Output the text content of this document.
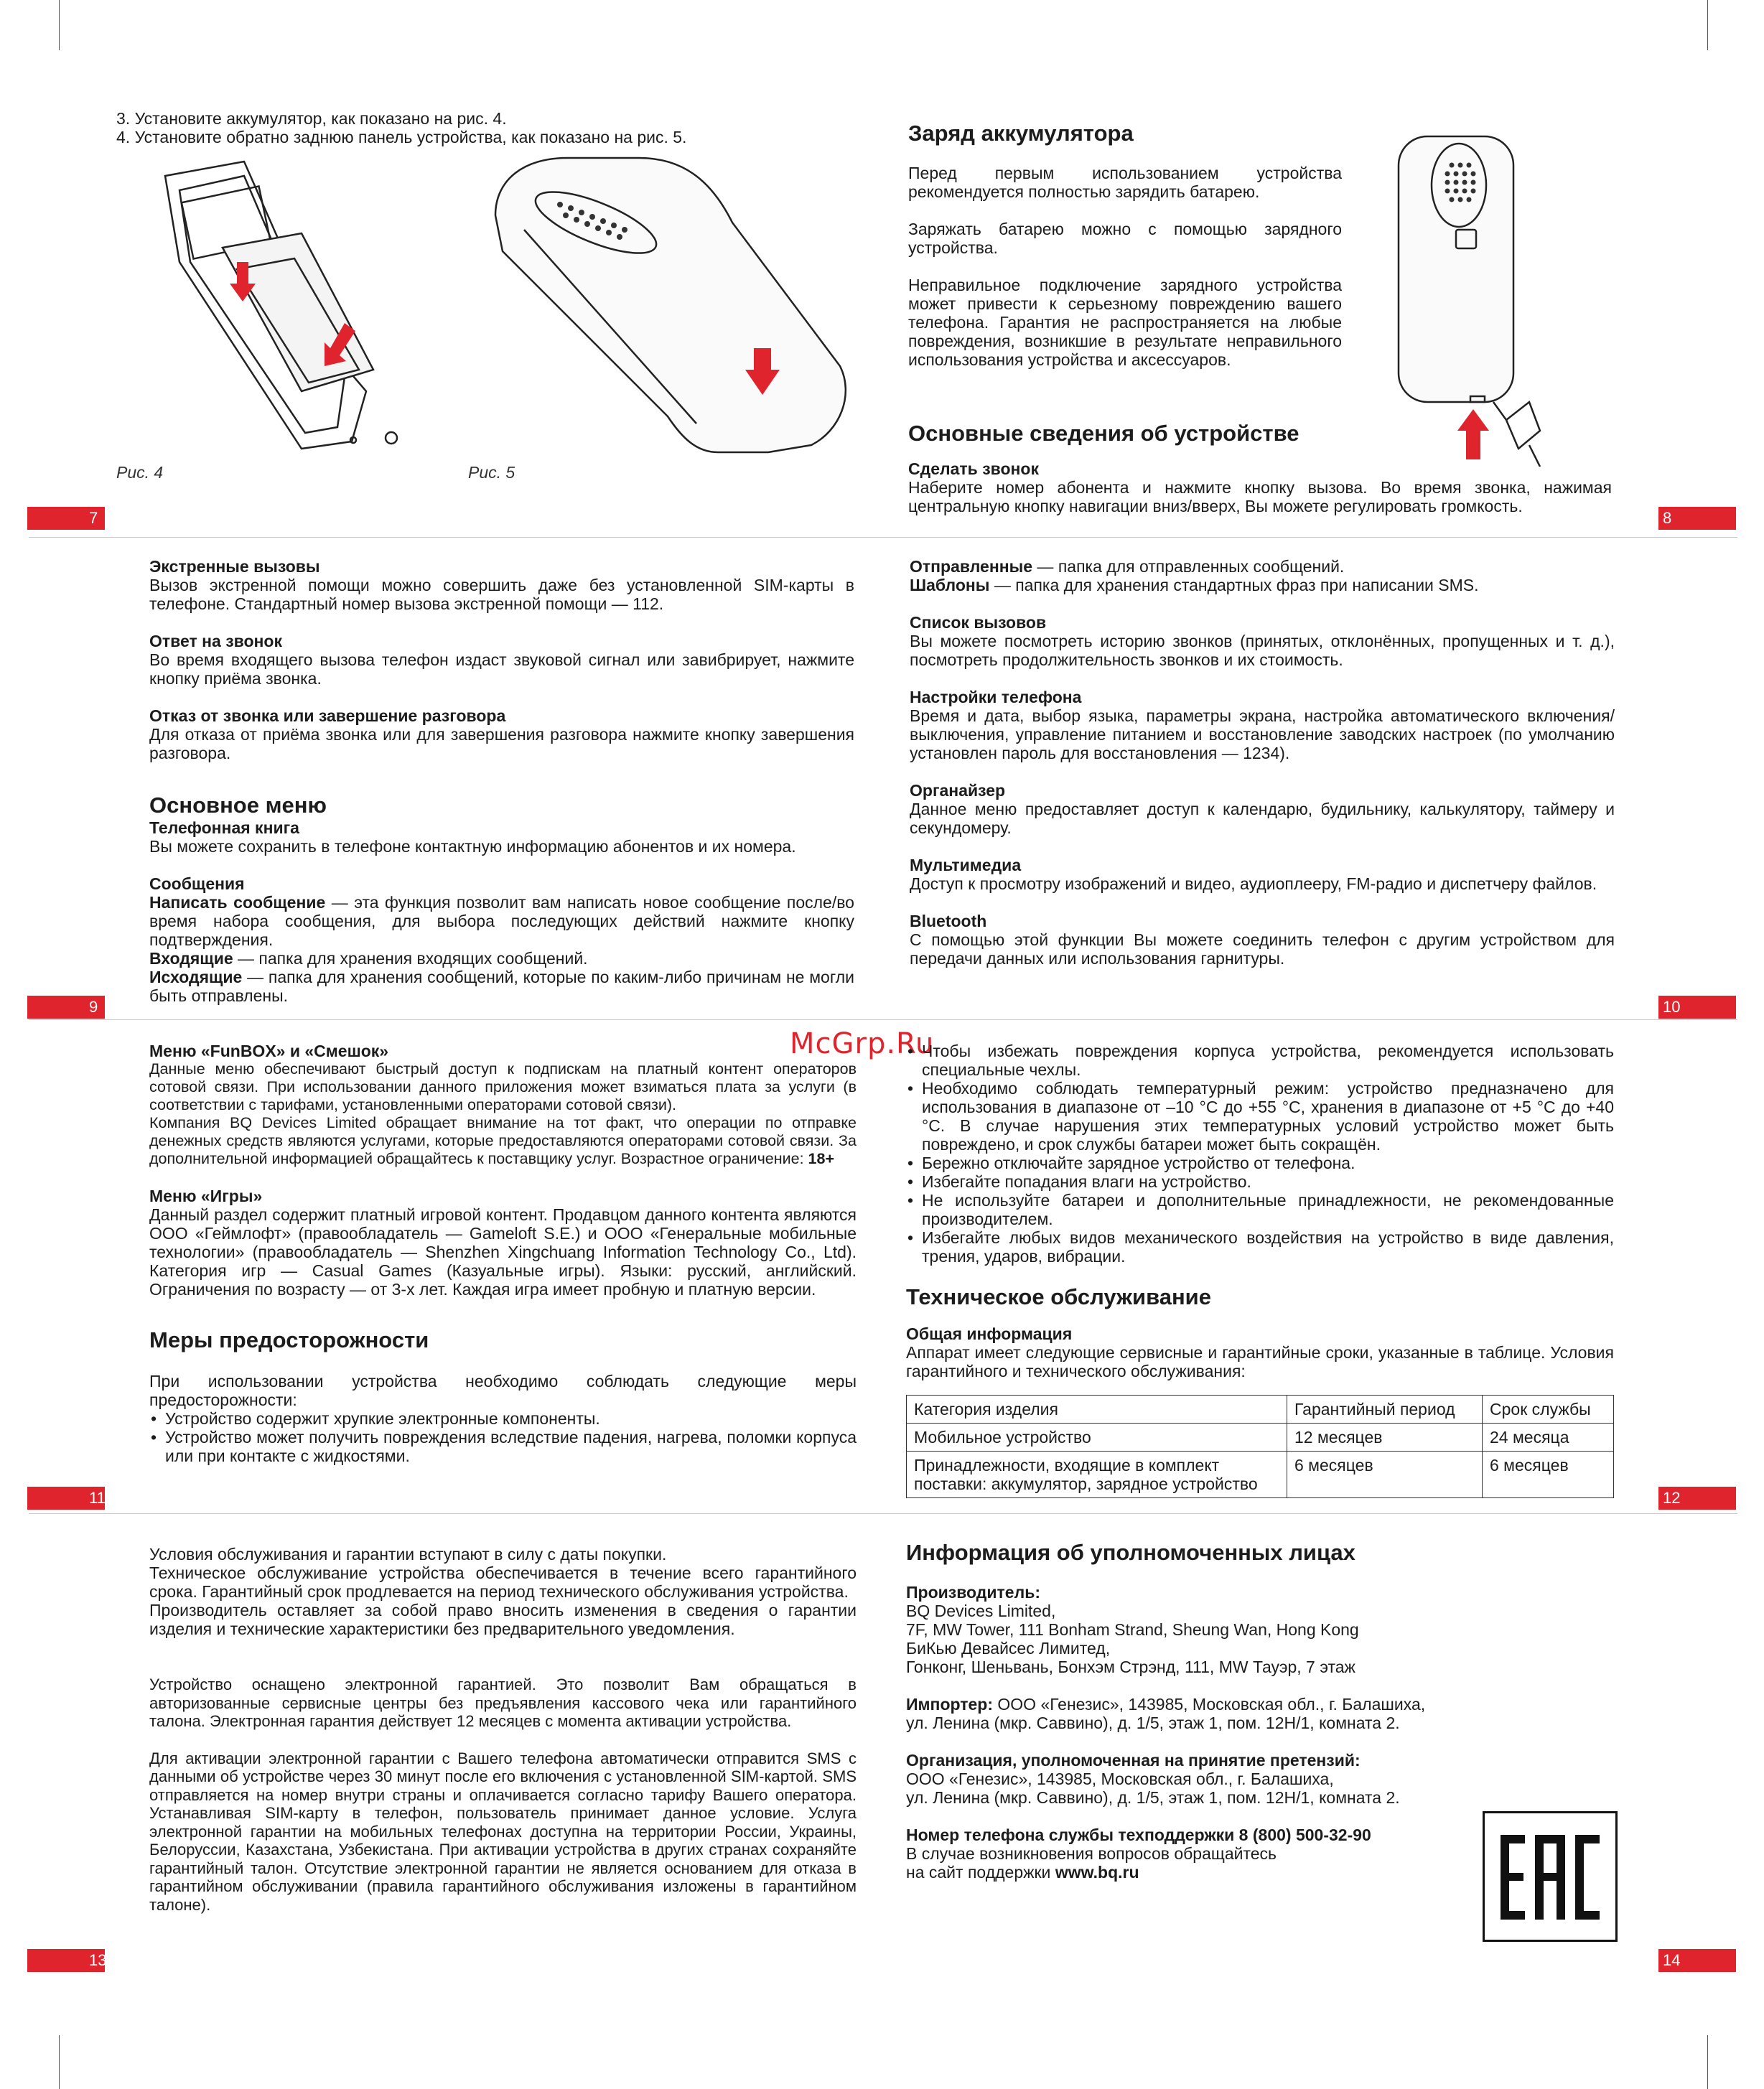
3. Установите аккумулятор, как показано на рис. 4.

4. Установите обратно заднюю панель устройства, как показано на рис. 5.

Рис. 4	Рис. 5
7

Заряд аккумулятора

Перед первым использованием устройства рекомендуется полностью зарядить батарею.

Заряжать батарею можно с помощью зарядного устройства.

Неправильное подключение зарядного устройства может привести к серьезному повреждению вашего телефона. Гарантия не распространяется на любые повреждения, возникшие в результате неправильного использования устройства и аксессуаров.

Основные сведения об устройстве

Сделать звонок

Наберите номер абонента и нажмите кнопку вызова. Во время звонка, нажимая центральную кнопку навигации вниз/вверх, Вы можете регулировать громкость.

8

Экстренные вызовы

Вызов экстренной помощи можно совершить даже без установленной SIM-карты в телефоне. Стандартный номер вызова экстренной помощи — 112.

Ответ на звонок

Во время входящего вызова телефон издаст звуковой сигнал или завибрирует, нажмите кнопку приёма звонка.

Отказ от звонка или завершение разговора

Для отказа от приёма звонка или для завершения разговора нажмите кнопку завершения разговора.

Основное меню

Телефонная книга

Вы можете сохранить в телефоне контактную информацию абонентов и их номера.

Сообщения

Написать сообщение — эта функция позволит вам написать новое сообщение после/во время набора сообщения, для выбора последующих действий нажмите кнопку подтверждения.

Входящие — папка для хранения входящих сообщений.

Исходящие — папка для хранения сообщений, которые по каким-либо причинам не могли быть отправлены.

9

Отправленные — папка для отправленных сообщений.

Шаблоны — папка для хранения стандартных фраз при написании SMS.

Список вызовов

Вы можете посмотреть историю звонков (принятых, отклонённых, пропущенных и т. д.), посмотреть продолжительность звонков и их стоимость.

Настройки телефона

Время и дата, выбор языка, параметры экрана, настройка автоматического включения/выключения, управление питанием и восстановление заводских настроек (по умолчанию установлен пароль для восстановления — 1234).

Органайзер

Данное меню предоставляет доступ к календарю, будильнику, калькулятору, таймеру и секундомеру.

Мультимедиа

Доступ к просмотру изображений и видео, аудиоплееру, FM-радио и диспетчеру файлов.

Bluetooth

С помощью этой функции Вы можете соединить телефон с другим устройством для передачи данных или использования гарнитуры.

10

Меню «FunBOX» и «Смешок»

Данные меню обеспечивают быстрый доступ к подпискам на платный контент операторов сотовой связи. При использовании данного приложения может взиматься плата за услуги (в соответствии с тарифами, установленными операторами сотовой связи).

Компания BQ Devices Limited обращает внимание на тот факт, что операции по отправке денежных средств являются услугами, которые предоставляются операторами сотовой связи. За дополнительной информацией обращайтесь к поставщику услуг. Возрастное ограничение: 18+

Меню «Игры»

Данный раздел содержит платный игровой контент. Продавцом данного контента являются ООО «Геймлофт» (правообладатель — Gameloft S.E.) и ООО «Генеральные мобильные технологии» (правообладатель — Shenzhen Xingchuang Information Technology Co., Ltd). Категория игр — Casual Games (Казуальные игры). Языки: русский, английский. Ограничения по возрасту — от 3-х лет. Каждая игра имеет пробную и платную версии.

Меры предосторожности

При использовании устройства необходимо соблюдать следующие меры предосторожности:

• Устройство содержит хрупкие электронные компоненты.
• Устройство может получить повреждения вследствие падения, нагрева, поломки корпуса или при контакте с жидкостями.
11
McGrp.Ru
• Чтобы избежать повреждения корпуса устройства, рекомендуется использовать специальные чехлы.
• Необходимо соблюдать температурный режим: устройство предназначено для использования в диапазоне от –10 °С до +55 °С, хранения в диапазоне от +5 °С до +40 °С. В случае нарушения этих температурных условий устройство может быть повреждено, и срок службы батареи может быть сокращён.
• Бережно отключайте зарядное устройство от телефона.
• Избегайте попадания влаги на устройство.
• Не используйте батареи и дополнительные принадлежности, не рекомендованные производителем.
• Избегайте любых видов механического воздействия на устройство в виде давления, трения, ударов, вибрации.

Техническое обслуживание

Общая информация

Аппарат имеет следующие сервисные и гарантийные сроки, указанные в таблице. Условия гарантийного и технического обслуживания:

Категория изделия	Гарантийный период	Срок службы
Мобильное устройство	12 месяцев	24 месяца
Принадлежности, входящие в комплект поставки: аккумулятор, зарядное устройство	6 месяцев	6 месяцев
12

Условия обслуживания и гарантии вступают в силу с даты покупки.

Техническое обслуживание устройства обеспечивается в течение всего гарантийного срока. Гарантийный срок продлевается на период технического обслуживания устройства.

Производитель оставляет за собой право вносить изменения в сведения о гарантии изделия и технические характеристики без предварительного уведомления.

Устройство оснащено электронной гарантией. Это позволит Вам обращаться в авторизованные сервисные центры без предъявления кассового чека или гарантийного талона. Электронная гарантия действует 12 месяцев с момента активации устройства.

Для активации электронной гарантии с Вашего телефона автоматически отправится SMS с данными об устройстве через 30 минут после его включения с установленной SIM-картой. SMS отправляется на номер внутри страны и оплачивается согласно тарифу Вашего оператора. Устанавливая SIM-карту в телефон, пользователь принимает данное условие. Услуга электронной гарантии на мобильных телефонах доступна на территории России, Украины, Белоруссии, Казахстана, Узбекистана. При активации устройства в других странах сохраняйте гарантийный талон. Отсутствие электронной гарантии не является основанием для отказа в гарантийном обслуживании (правила гарантийного обслуживания изложены в гарантийном талоне).

13

Информация об уполномоченных лицах

Производитель:

BQ Devices Limited,

7F, MW Tower, 111 Bonham Strand, Sheung Wan, Hong Kong

БиКью Девайсес Лимитед,

Гонконг, Шеньвань, Бонхэм Стрэнд, 111, MW Тауэр, 7 этаж

Импортер: ООО «Генезис», 143985, Московская обл., г. Балашиха,

ул. Ленина (мкр. Саввино), д. 1/5, этаж 1, пом. 12Н/1, комната 2.

Организация, уполномоченная на принятие претензий:

ООО «Генезис», 143985, Московская обл., г. Балашиха,

ул. Ленина (мкр. Саввино), д. 1/5, этаж 1, пом. 12Н/1, комната 2.

Номер телефона службы техподдержки 8 (800) 500-32-90

В случае возникновения вопросов обращайтесь

на сайт поддержки www.bq.ru

14
